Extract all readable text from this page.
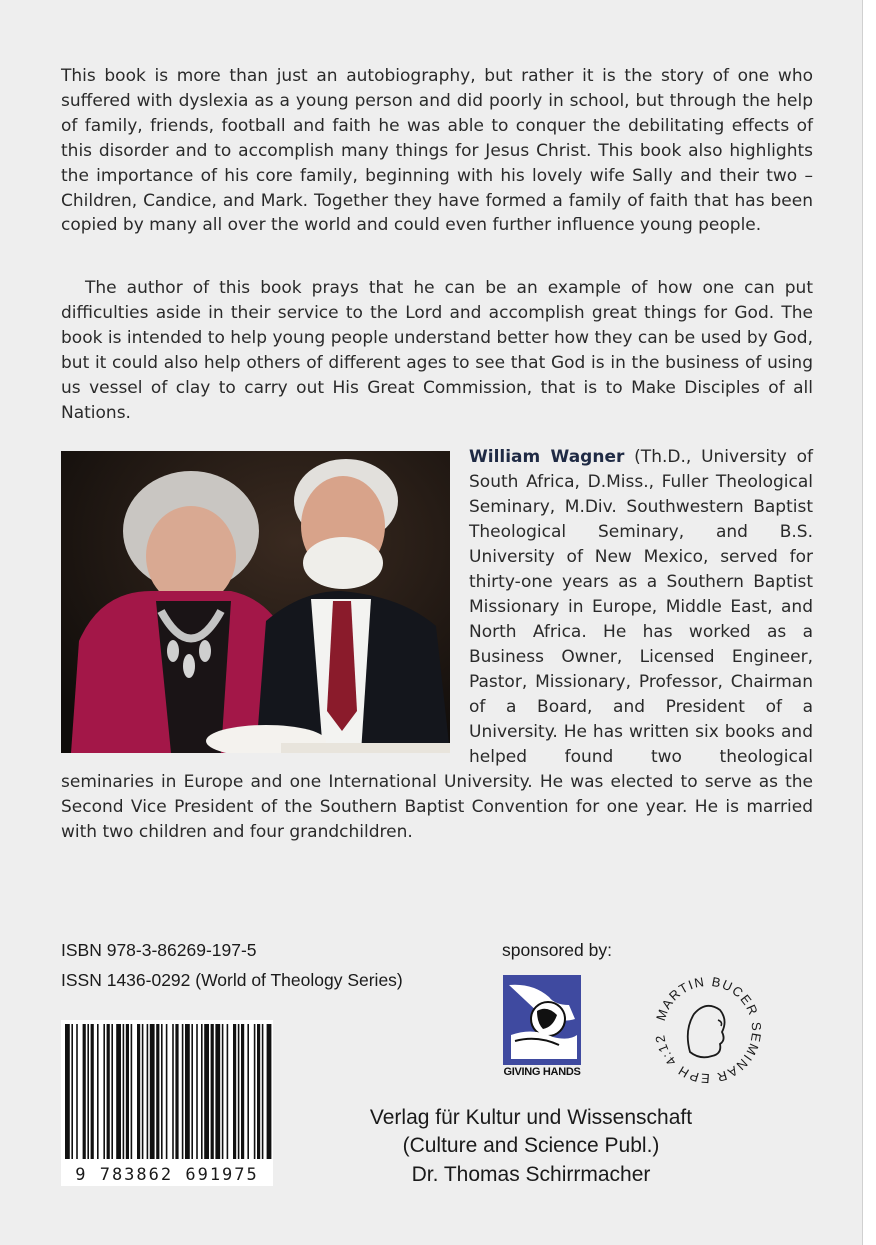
This book is more than just an autobiography, but rather it is the story of one who suffered with dyslexia as a young person and did poorly in school, but through the help of family, friends, football and faith he was able to conquer the debilitating effects of this disorder and to accomplish many things for Jesus Christ. This book also highlights the importance of his core family, beginning with his lovely wife Sally and their two – Children, Candice, and Mark. Together they have formed a family of faith that has been copied by many all over the world and could even further influence young people.

The author of this book prays that he can be an example of how one can put difficulties aside in their service to the Lord and accomplish great things for God. The book is intended to help young people understand better how they can be used by God, but it could also help others of different ages to see that God is in the business of using us vessel of clay to carry out His Great Commission, that is to Make Disciples of all Nations.

William Wagner (Th.D., University of South Africa, D.Miss., Fuller Theological Seminary, M.Div. Southwestern Baptist Theological Seminary, and B.S. University of New Mexico, served for thirty-one years as a Southern Baptist Missionary in Europe, Middle East, and North Africa. He has worked as a Business Owner, Licensed Engineer, Pastor, Missionary, Professor, Chairman of a Board, and President of a University. He has written six books and helped found two theological seminaries in Europe and one International University. He was elected to serve as the Second Vice President of the Southern Baptist Convention for one year. He is married with two children and four grandchildren.

ISBN 978-3-86269-197-5
ISSN 1436-0292 (World of Theology Series)
9 783862 691975
sponsored by:
GIVING HANDS
MARTIN BUCER SEMINAR EPH 4:12
Verlag für Kultur und Wissenschaft
(Culture and Science Publ.)
Dr. Thomas Schirrmacher
